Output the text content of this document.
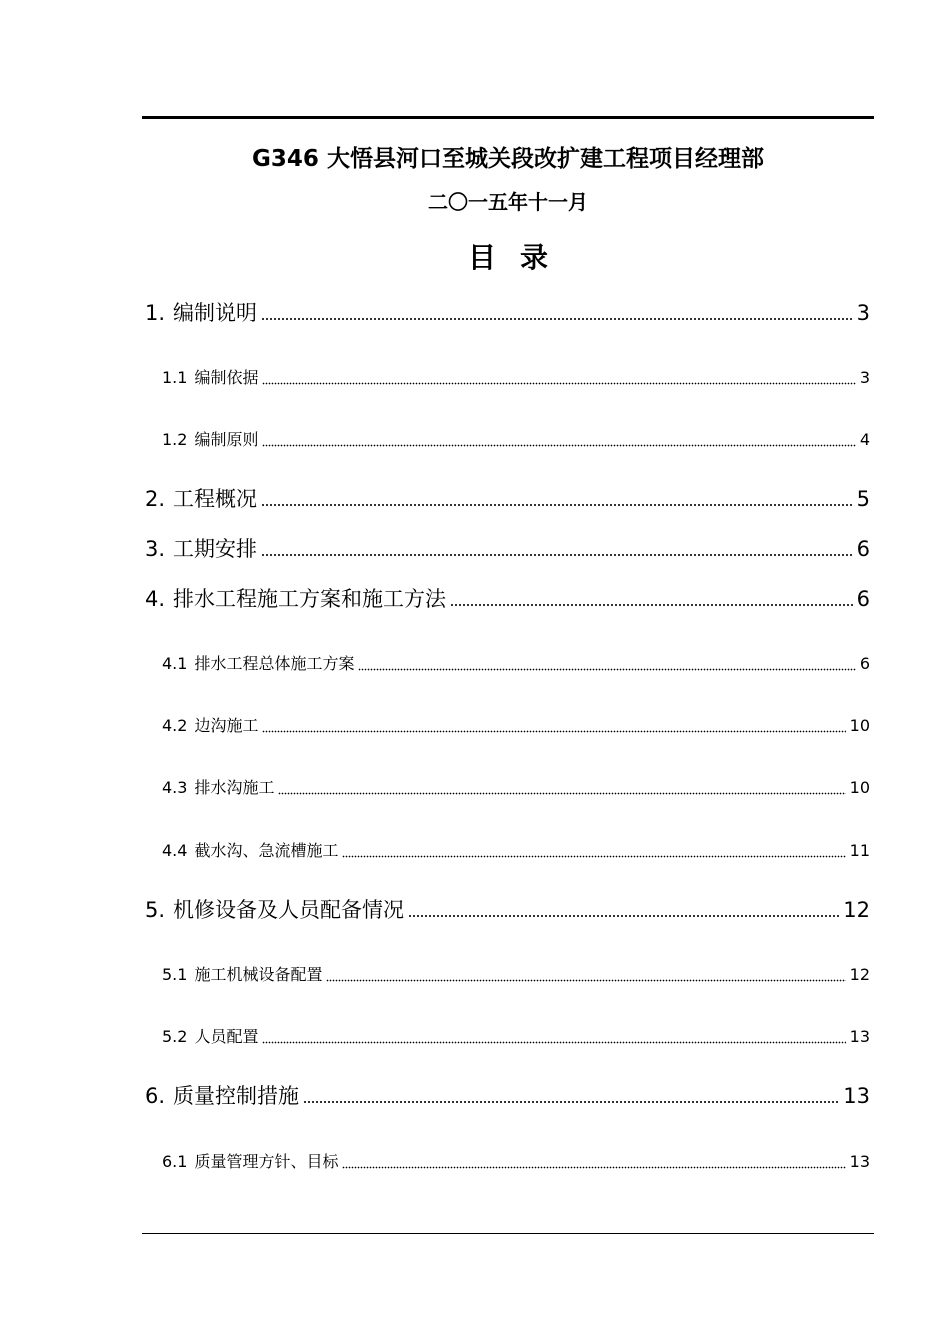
G346 大悟县河口至城关段改扩建工程项目经理部
二〇一五年十一月
目录
1. 编制说明	3
1.1 编制依据	3
1.2 编制原则	4
2. 工程概况	5
3. 工期安排	6
4. 排水工程施工方案和施工方法	6
4.1 排水工程总体施工方案	6
4.2 边沟施工	10
4.3 排水沟施工	10
4.4 截水沟、急流槽施工	11
5. 机修设备及人员配备情况	12
5.1 施工机械设备配置	12
5.2 人员配置	13
6. 质量控制措施	13
6.1 质量管理方针、目标	13
